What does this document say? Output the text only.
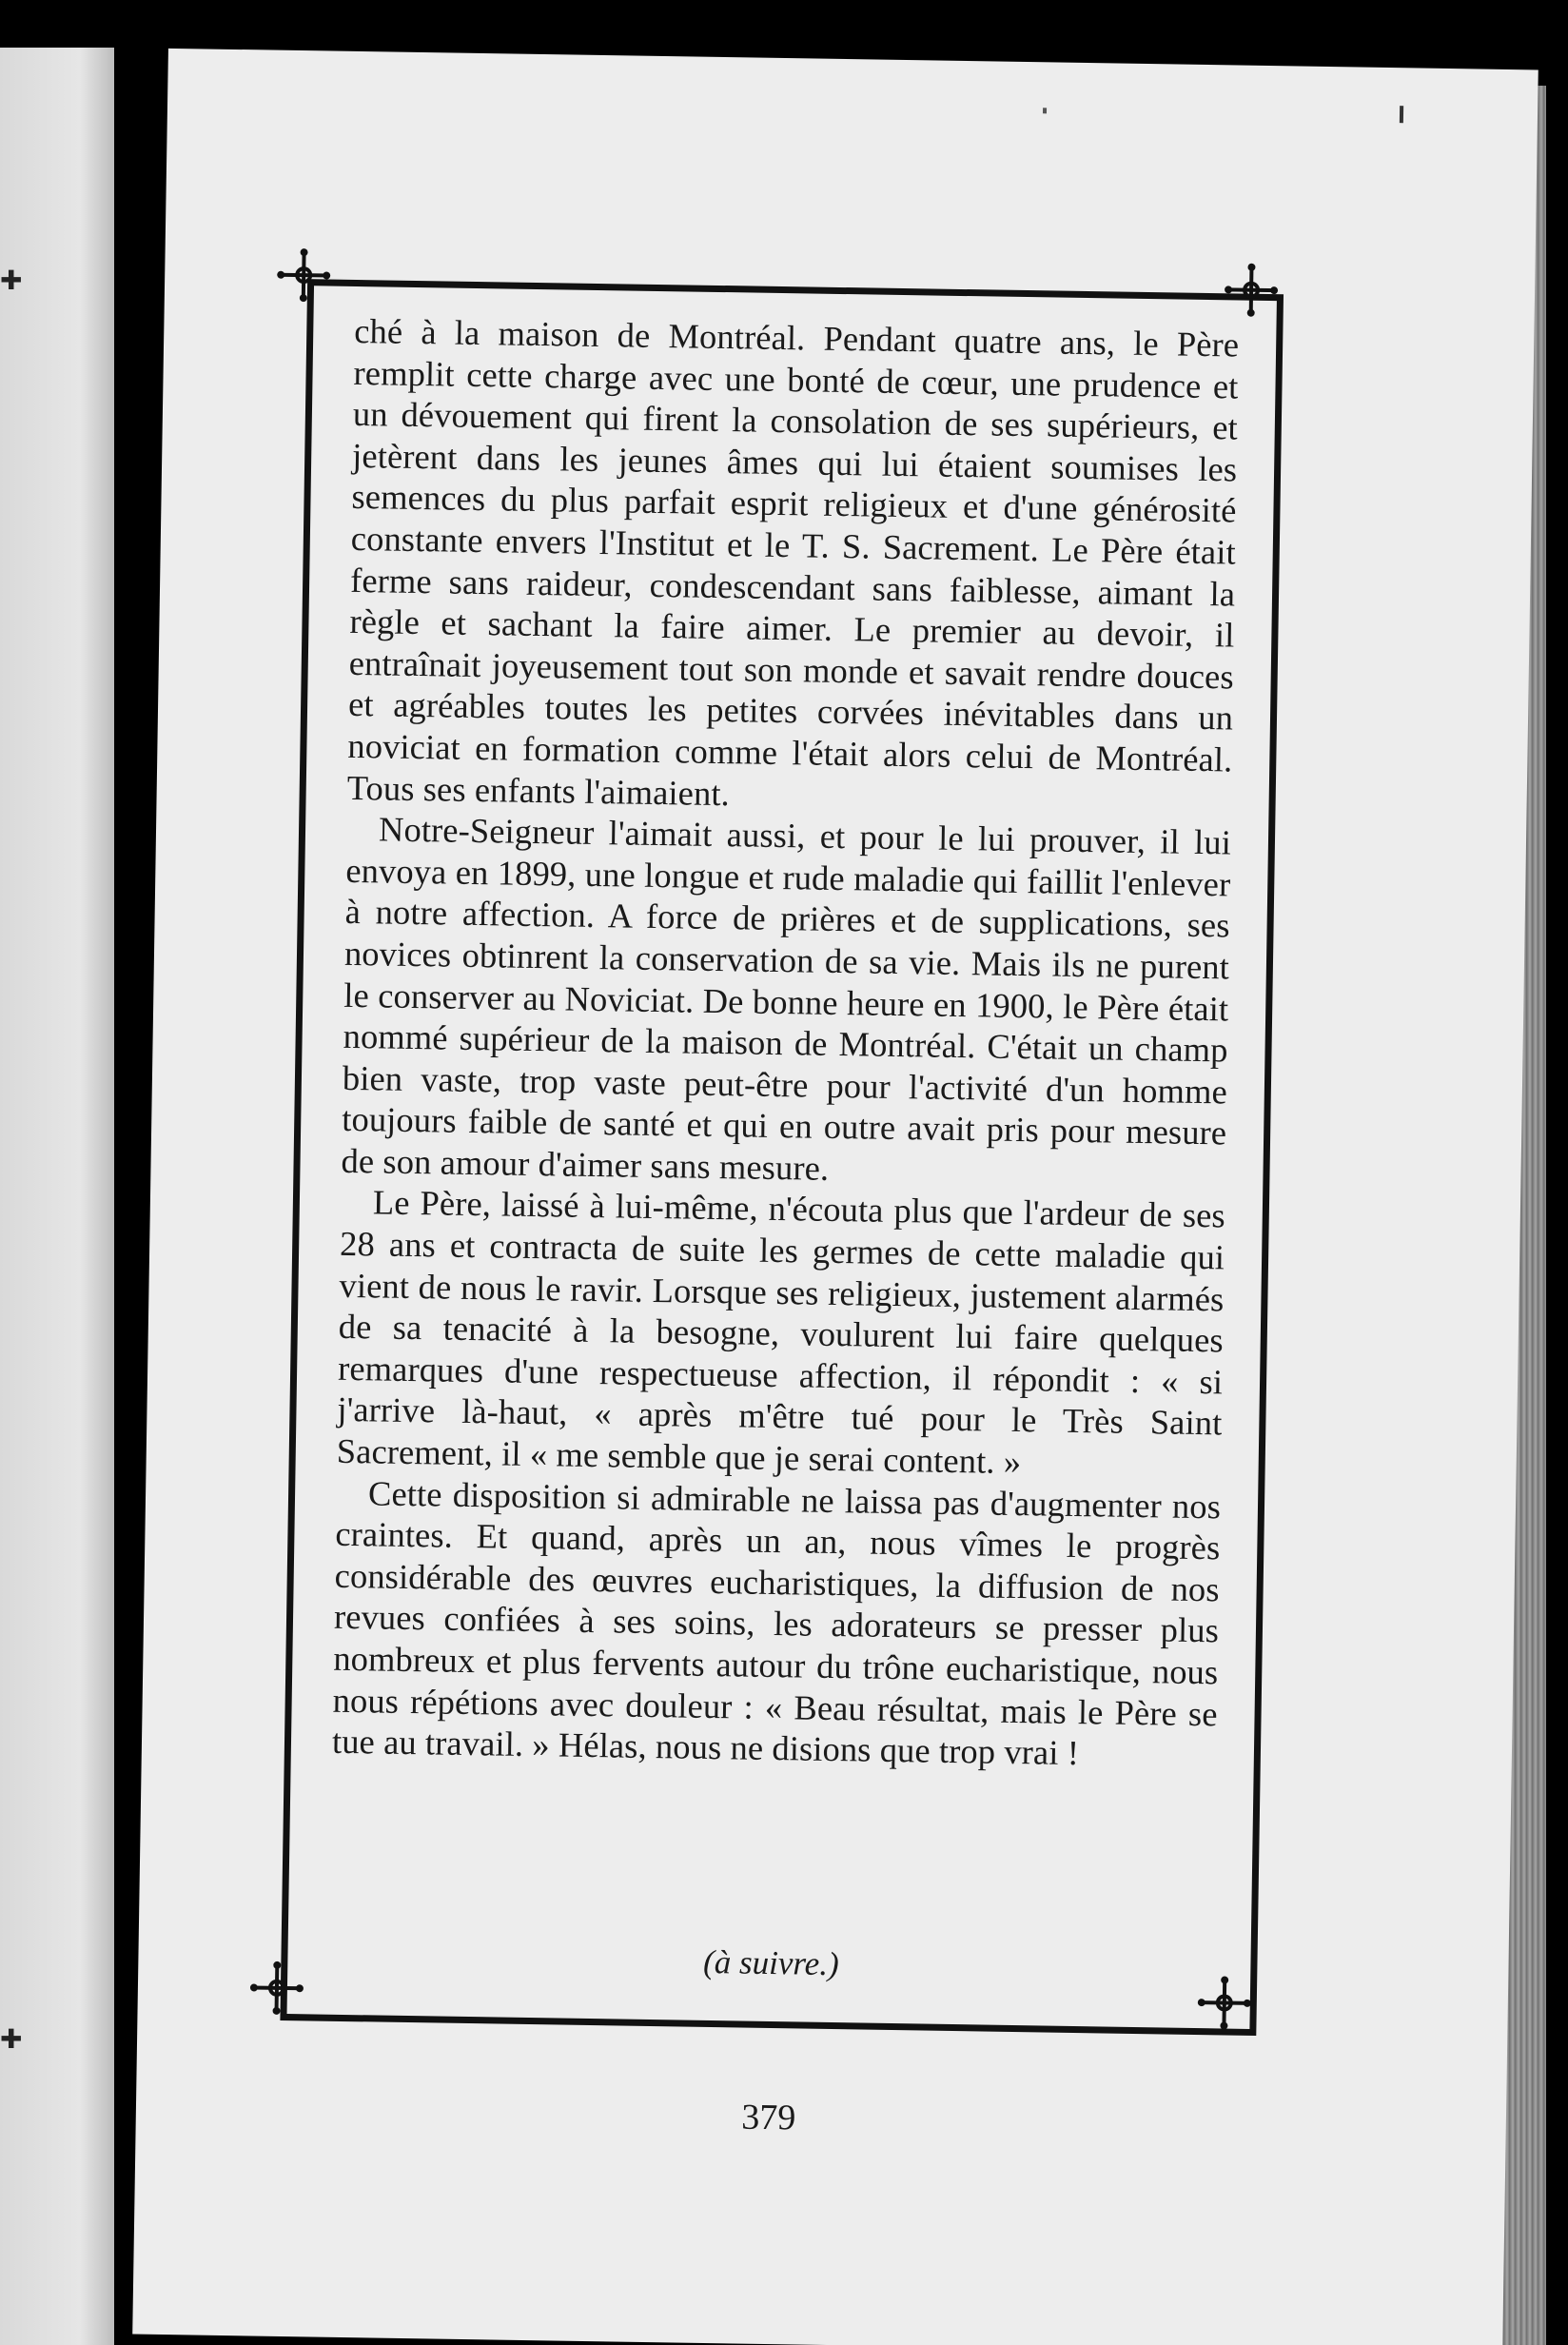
✚
✚

ché à la maison de Montréal. Pendant quatre ans, le Père remplit cette charge avec une bonté de cœur, une prudence et un dévouement qui firent la consolation de ses supérieurs, et jetèrent dans les jeunes âmes qui lui étaient soumises les semences du plus parfait esprit religieux et d'une générosité constante envers l'Institut et le T. S. Sacrement. Le Père était ferme sans raideur, condescendant sans faiblesse, aimant la règle et sachant la faire aimer. Le premier au devoir, il entraînait joyeusement tout son monde et savait rendre douces et agréables toutes les petites corvées inévitables dans un noviciat en formation comme l'était alors celui de Montréal. Tous ses enfants l'aimaient.

Notre-Seigneur l'aimait aussi, et pour le lui prouver, il lui envoya en 1899, une longue et rude maladie qui faillit l'enlever à notre affection. A force de prières et de supplications, ses novices obtinrent la conservation de sa vie. Mais ils ne purent le conserver au Noviciat. De bonne heure en 1900, le Père était nommé supérieur de la maison de Montréal. C'était un champ bien vaste, trop vaste peut-être pour l'activité d'un homme toujours faible de santé et qui en outre avait pris pour mesure de son amour d'aimer sans mesure.

Le Père, laissé à lui-même, n'écouta plus que l'ardeur de ses 28 ans et contracta de suite les germes de cette maladie qui vient de nous le ravir. Lorsque ses religieux, justement alarmés de sa tenacité à la besogne, voulurent lui faire quelques remarques d'une respectueuse affection, il répondit : « si j'arrive là-haut, « après m'être tué pour le Très Saint Sacrement, il « me semble que je serai content. »

Cette disposition si admirable ne laissa pas d'augmenter nos craintes. Et quand, après un an, nous vîmes le progrès considérable des œuvres eucharistiques, la diffusion de nos revues confiées à ses soins, les adorateurs se presser plus nombreux et plus fervents autour du trône eucharistique, nous nous répétions avec douleur : « Beau résultat, mais le Père se tue au travail. » Hélas, nous ne disions que trop vrai !

(à suivre.)
379
